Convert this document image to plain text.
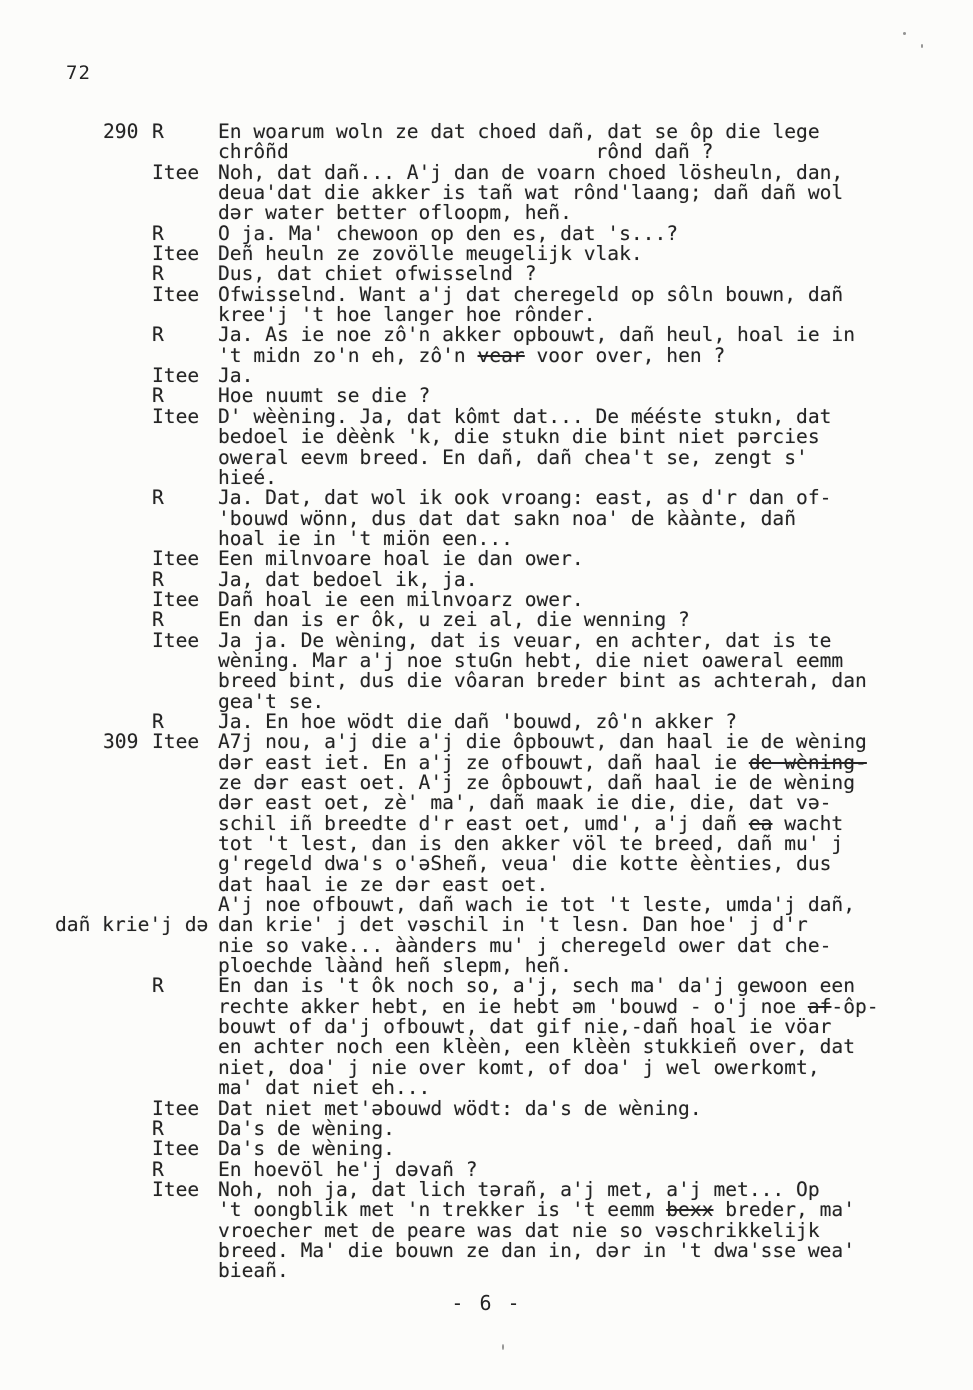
72
290 R	En woarum woln ze dat choed dañ, dat se ôp die lege
chrôñd                          rônd dañ ?
Itee Noh, dat dañ... A'j dan de voarn choed lösheuln, dan,
deua'dat die akker is tañ wat rônd'laang; dañ dañ wol
dər water better ofloopm, heñ.
R	O ja. Ma' chewoon op den es, dat 's...?
Itee Deñ heuln ze zovölle meugelijk vlak.
R	Dus, dat chiet ofwisselnd ?
Itee Ofwisselnd. Want a'j dat cheregeld op sôln bouwn, dañ
kree'j 't hoe langer hoe rônder.
R	Ja. As ie noe zô'n akker opbouwt, dañ heul, hoal ie in
't midn zo'n eh, zô'n vear voor over, hen ?
Itee Ja.
R	Hoe nuumt se die ?
Itee D' wèèning. Ja, dat kômt dat... De mééste stukn, dat
bedoel ie dèènk 'k, die stukn die bint niet pərcies
oweral eevm breed. En dañ, dañ chea't se, zengt s'
hieé.
R	Ja. Dat, dat wol ik ook vroang: east, as d'r dan of-
'bouwd wönn, dus dat dat sakn noa' de kàànte, dañ
hoal ie in 't miön een...
Itee Een milnvoare hoal ie dan ower.
R	Ja, dat bedoel ik, ja.
Itee Dañ hoal ie een milnvoarz ower.
R	En dan is er ôk, u zei al, die wenning ?
Itee Ja ja. De wèning, dat is veuar, en achter, dat is te
wèning. Mar a'j noe stuGn hebt, die niet oaweral eemm
breed bint, dus die vôaran breder bint as achterah, dan
gea't se.
R	Ja. En hoe wödt die dañ 'bouwd, zô'n akker ?
309 Itee A7j nou, a'j die a'j die ôpbouwt, dan haal ie de wèning
dər east iet. En a'j ze ofbouwt, dañ haal ie de wèning-
ze dər east oet. A'j ze ôpbouwt, dañ haal ie de wèning
dər east oet, zè' ma', dañ maak ie die, die, dat və-
schil iñ breedte d'r east oet, umd', a'j dañ ea wacht
tot 't lest, dan is den akker völ te breed, dañ mu' j
g'regeld dwa's o'əSheñ, veua' die kotte èènties, dus
dat haal ie ze dər east oet.
A'j noe ofbouwt, dañ wach ie tot 't leste, umda'j dañ,
dañ krie'j də dan krie' j det vəschil in 't lesn. Dan hoe' j d'r
nie so vake... àànders mu' j cheregeld ower dat che-
ploechde làànd heñ slepm, heñ.
R	En dan is 't ôk noch so, a'j, sech ma' da'j gewoon een
rechte akker hebt, en ie hebt əm 'bouwd - o'j noe af-ôp-
bouwt of da'j ofbouwt, dat gif nie,-dañ hoal ie vöar
en achter noch een klèèn, een klèèn stukkieñ over, dat
niet, doa' j nie over komt, of doa' j wel owerkomt,
ma' dat niet eh...
Itee Dat niet met'əbouwd wödt: da's de wèning.
R	Da's de wèning.
Itee Da's de wèning.
R	En hoevöl he'j dəvañ ?
Itee Noh, noh ja, dat lich tərañ, a'j met, a'j met... Op
't oongblik met 'n trekker is 't eemm bexx breder, ma'
vroecher met de peare was dat nie so vəschrikkelijk
breed. Ma' die bouwn ze dan in, dər in 't dwa'sse wea'
bieañ.
- 6 -
